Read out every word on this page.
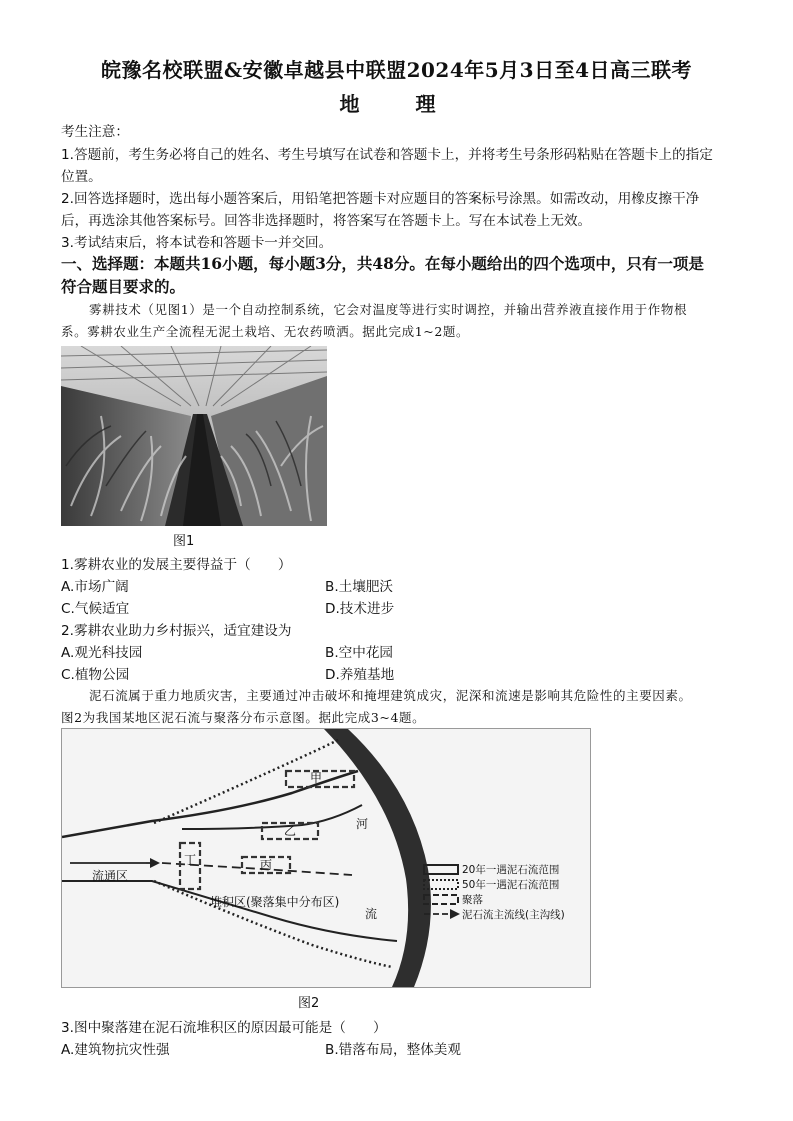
皖豫名校联盟&安徽卓越县中联盟2024年5月3日至4日高三联考
地　理
考生注意：
1.答题前，考生务必将自己的姓名、考生号填写在试卷和答题卡上，并将考生号条形码粘贴在答题卡上的指定
位置。
2.回答选择题时，选出每小题答案后，用铅笔把答题卡对应题目的答案标号涂黑。如需改动，用橡皮擦干净
后，再选涂其他答案标号。回答非选择题时，将答案写在答题卡上。写在本试卷上无效。
3.考试结束后，将本试卷和答题卡一并交回。
一、选择题：本题共16小题，每小题3分，共48分。在每小题给出的四个选项中，只有一项是
符合题目要求的。
雾耕技术（见图1）是一个自动控制系统，它会对温度等进行实时调控，并输出营养液直接作用于作物根
系。雾耕农业生产全流程无泥土栽培、无农药喷洒。据此完成1~2题。
图1
1.雾耕农业的发展主要得益于（　　）
A.市场广阔	B.土壤肥沃
C.气候适宜	D.技术进步
2.雾耕农业助力乡村振兴，适宜建设为
A.观光科技园	B.空中花园
C.植物公园	D.养殖基地
泥石流属于重力地质灾害，主要通过冲击破坏和掩埋建筑成灾，泥深和流速是影响其危险性的主要因素。
图2为我国某地区泥石流与聚落分布示意图。据此完成3~4题。
甲
乙
丙
丁
河
流
流通区
堆积区(聚落集中分布区)
20年一遇泥石流范围
50年一遇泥石流范围
聚落
泥石流主流线(主沟线)
图2
3.图中聚落建在泥石流堆积区的原因最可能是（　　）
A.建筑物抗灾性强	B.错落布局，整体美观
